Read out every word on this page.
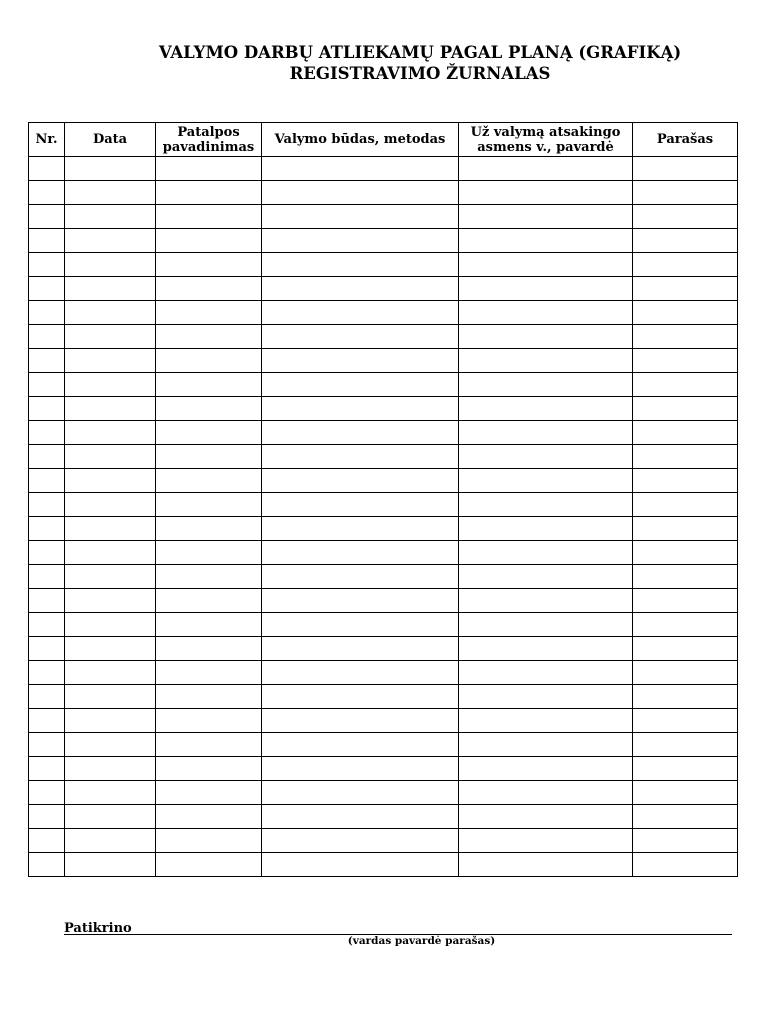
VALYMO DARBŲ ATLIEKAMŲ PAGAL PLANĄ (GRAFIKĄ)
REGISTRAVIMO ŽURNALAS
Nr.	Data	Patalpos pavadinimas	Valymo būdas, metodas	Už valymą atsakingo asmens v., pavardė	Parašas

Patikrino
(vardas pavardė parašas)
